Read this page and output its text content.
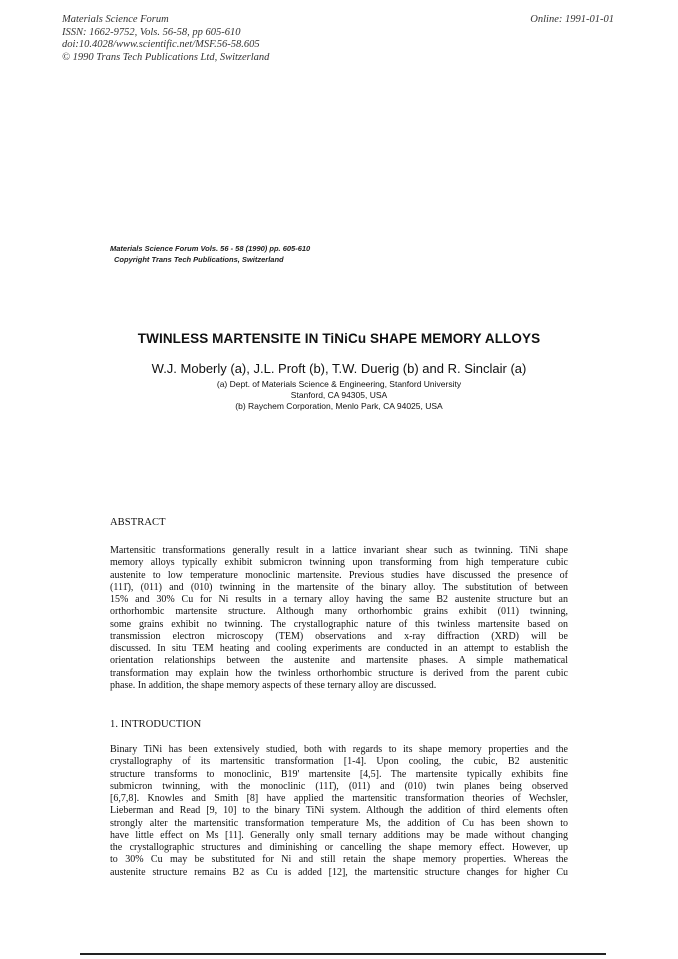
Materials Science Forum
ISSN: 1662-9752, Vols. 56-58, pp 605-610
doi:10.4028/www.scientific.net/MSF.56-58.605
© 1990 Trans Tech Publications Ltd, Switzerland
Online: 1991-01-01
Materials Science Forum Vols. 56 - 58 (1990) pp. 605-610
Copyright Trans Tech Publications, Switzerland
TWINLESS MARTENSITE IN TiNiCu SHAPE MEMORY ALLOYS
W.J. Moberly (a), J.L. Proft (b), T.W. Duerig (b) and R. Sinclair (a)
(a) Dept. of Materials Science & Engineering, Stanford University
Stanford, CA 94305, USA
(b) Raychem Corporation, Menlo Park, CA 94025, USA
ABSTRACT
Martensitic transformations generally result in a lattice invariant shear such as twinning. TiNi shape
memory alloys typically exhibit submicron twinning upon transforming from high temperature cubic
austenite to low temperature monoclinic martensite. Previous studies have discussed the presence of
(111̄), (011) and (010) twinning in the martensite of the binary alloy. The substitution of between
15% and 30% Cu for Ni results in a ternary alloy having the same B2 austenite structure but an
orthorhombic martensite structure. Although many orthorhombic grains exhibit (011) twinning,
some grains exhibit no twinning. The crystallographic nature of this twinless martensite based on
transmission electron microscopy (TEM) observations and x-ray diffraction (XRD) will be
discussed. In situ TEM heating and cooling experiments are conducted in an attempt to establish the
orientation relationships between the austenite and martensite phases. A simple mathematical
transformation may explain how the twinless orthorhombic structure is derived from the parent cubic
phase. In addition, the shape memory aspects of these ternary alloy are discussed.
1. INTRODUCTION
Binary TiNi has been extensively studied, both with regards to its shape memory properties and the
crystallography of its martensitic transformation [1-4]. Upon cooling, the cubic, B2 austenitic
structure transforms to monoclinic, B19' martensite [4,5]. The martensite typically exhibits fine
submicron twinning, with the monoclinic (111̄), (011) and (010) twin planes being observed
[6,7,8]. Knowles and Smith [8] have applied the martensitic transformation theories of Wechsler,
Lieberman and Read [9, 10] to the binary TiNi system. Although the addition of third elements often
strongly alter the martensitic transformation temperature Ms, the addition of Cu has been shown to
have little effect on Ms [11]. Generally only small ternary additions may be made without changing
the crystallographic structures and diminishing or cancelling the shape memory effect. However, up
to 30% Cu may be substituted for Ni and still retain the shape memory properties. Whereas the
austenite structure remains B2 as Cu is added [12], the martensitic structure changes for higher Cu
